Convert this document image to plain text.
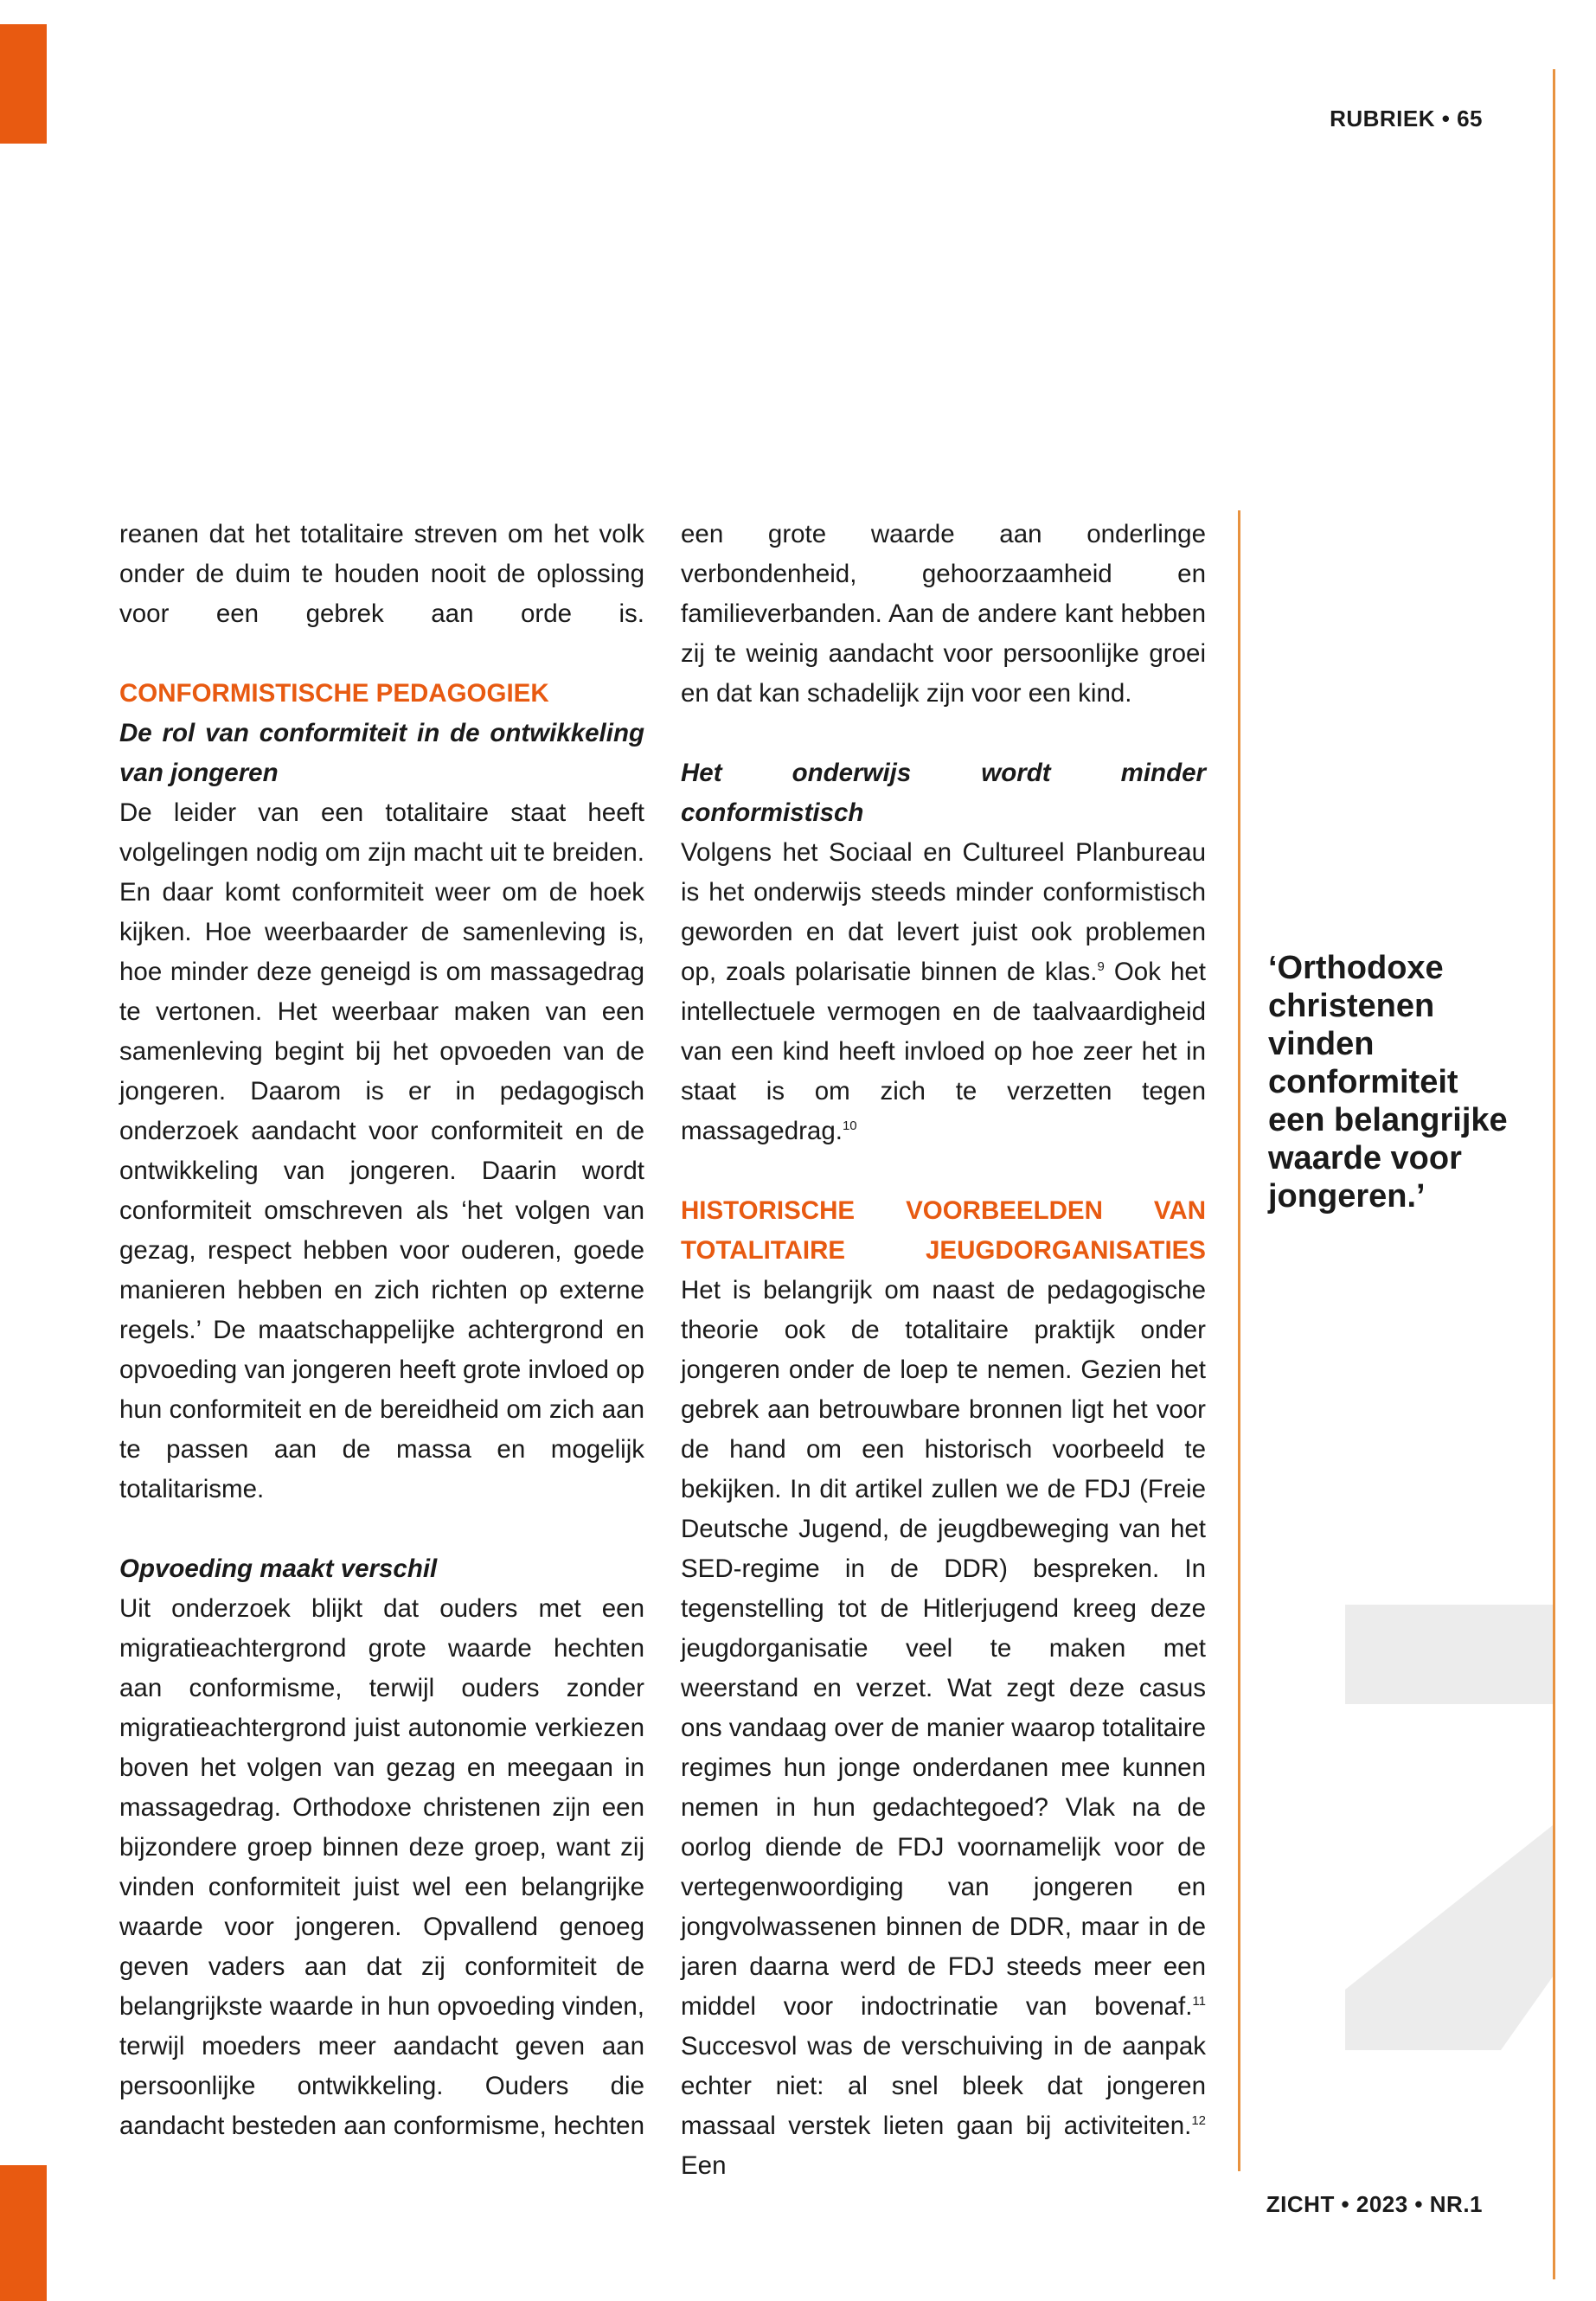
RUBRIEK • 65
ZICHT • 2023 • NR.1

reanen dat het totalitaire streven om het volk onder de duim te houden nooit de oplossing voor een gebrek aan orde is.

CONFORMISTISCHE PEDAGOGIEK

De rol van conformiteit in de ontwikkeling van jongeren

De leider van een totalitaire staat heeft volgelingen nodig om zijn macht uit te breiden. En daar komt conformiteit weer om de hoek kijken. Hoe weerbaarder de samenleving is, hoe minder deze geneigd is om massagedrag te vertonen. Het weerbaar maken van een samenleving begint bij het opvoeden van de jongeren. Daarom is er in pedagogisch onderzoek aandacht voor conformiteit en de ontwikkeling van jongeren. Daarin wordt conformiteit omschreven als ‘het volgen van gezag, respect hebben voor ouderen, goede manieren hebben en zich richten op externe regels.’ De maatschappelijke achtergrond en opvoeding van jongeren heeft grote invloed op hun conformiteit en de bereidheid om zich aan te passen aan de massa en mogelijk totalitarisme.

Opvoeding maakt verschil

Uit onderzoek blijkt dat ouders met een migratieachtergrond grote waarde hechten aan conformisme, terwijl ouders zonder migratieachtergrond juist autonomie verkiezen boven het volgen van gezag en meegaan in massagedrag. Orthodoxe christenen zijn een bijzondere groep binnen deze groep, want zij vinden conformiteit juist wel een belangrijke waarde voor jongeren. Opvallend genoeg geven vaders aan dat zij conformiteit de belangrijkste waarde in hun opvoeding vinden, terwijl moeders meer aandacht geven aan persoonlijke ontwikkeling. Ouders die aandacht besteden aan conformisme, hechten

een grote waarde aan onderlinge verbondenheid, gehoorzaamheid en familieverbanden. Aan de andere kant hebben zij te weinig aandacht voor persoonlijke groei en dat kan schadelijk zijn voor een kind.

Het onderwijs wordt minder conformistisch

Volgens het Sociaal en Cultureel Planbureau is het onderwijs steeds minder conformistisch geworden en dat levert juist ook problemen op, zoals polarisatie binnen de klas.$^9$ Ook het intellectuele vermogen en de taalvaardigheid van een kind heeft invloed op hoe zeer het in staat is om zich te verzetten tegen massagedrag.$^{10}$

HISTORISCHE VOORBEELDEN VAN TOTALITAIRE JEUGDORGANISATIES

Het is belangrijk om naast de pedagogische theorie ook de totalitaire praktijk onder jongeren onder de loep te nemen. Gezien het gebrek aan betrouwbare bronnen ligt het voor de hand om een historisch voorbeeld te bekijken. In dit artikel zullen we de FDJ (Freie Deutsche Jugend, de jeugdbeweging van het SED-regime in de DDR) bespreken. In tegenstelling tot de Hitlerjugend kreeg deze jeugdorganisatie veel te maken met weerstand en verzet. Wat zegt deze casus ons vandaag over de manier waarop totalitaire regimes hun jonge onderdanen mee kunnen nemen in hun gedachtegoed? Vlak na de oorlog diende de FDJ voornamelijk voor de vertegenwoordiging van jongeren en jongvolwassenen binnen de DDR, maar in de jaren daarna werd de FDJ steeds meer een middel voor indoctrinatie van bovenaf.$^{11}$ Succesvol was de verschuiving in de aanpak echter niet: al snel bleek dat jongeren massaal verstek lieten gaan bij activiteiten.$^{12}$ Een

‘Orthodoxe christenen vinden conformiteit een belangrijke waarde voor jongeren.’
